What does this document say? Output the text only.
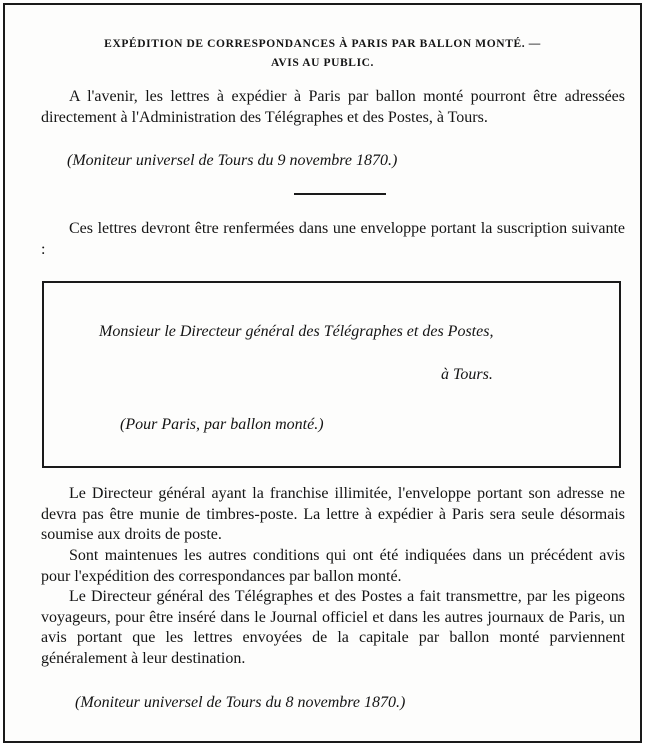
EXPÉDITION DE CORRESPONDANCES À PARIS PAR BALLON MONTÉ. —
AVIS AU PUBLIC.

A l'avenir, les lettres à expédier à Paris par ballon monté pourront être adressées directement à l'Administration des Télégraphes et des Postes, à Tours.

(Moniteur universel de Tours du 9 novembre 1870.)

Ces lettres devront être renfermées dans une enveloppe portant la suscription suivante :

Monsieur le Directeur général des Télégraphes et des Postes,

à Tours.

(Pour Paris, par ballon monté.)

Le Directeur général ayant la franchise illimitée, l'enveloppe portant son adresse ne devra pas être munie de timbres-poste. La lettre à expédier à Paris sera seule désormais soumise aux droits de poste.

Sont maintenues les autres conditions qui ont été indiquées dans un précédent avis pour l'expédition des correspondances par ballon monté.

Le Directeur général des Télégraphes et des Postes a fait transmettre, par les pigeons voyageurs, pour être inséré dans le Journal officiel et dans les autres journaux de Paris, un avis portant que les lettres envoyées de la capitale par ballon monté parviennent généralement à leur destination.

(Moniteur universel de Tours du 8 novembre 1870.)
